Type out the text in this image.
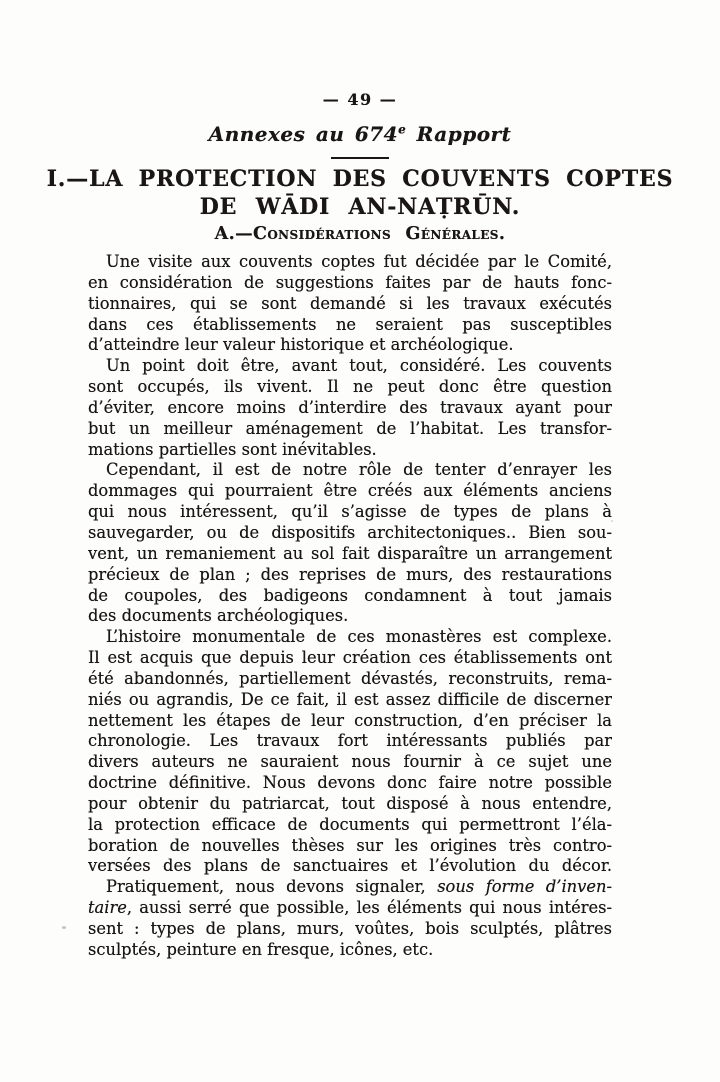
— 49 —
Annexes au 674e Rapport
I.—LA PROTECTION DES COUVENTS COPTES
DE WĀDI AN-NAṬRŪN.
A.—Considérations Générales.
Une visite aux couvents coptes fut décidée par le Comité,
en considération de suggestions faites par de hauts fonc-
tionnaires, qui se sont demandé si les travaux exécutés
dans ces établissements ne seraient pas susceptibles
d’atteindre leur valeur historique et archéologique.
Un point doit être, avant tout, considéré. Les couvents
sont occupés, ils vivent. Il ne peut donc être question
d’éviter, encore moins d’interdire des travaux ayant pour
but un meilleur aménagement de l’habitat. Les transfor-
mations partielles sont inévitables.
Cependant, il est de notre rôle de tenter d’enrayer les
dommages qui pourraient être créés aux éléments anciens
qui nous intéressent, qu’il s’agisse de types de plans à
sauvegarder, ou de dispositifs architectoniques.. Bien sou-
vent, un remaniement au sol fait disparaître un arrangement
précieux de plan ; des reprises de murs, des restaurations
de coupoles, des badigeons condamnent à tout jamais
des documents archéologiques.
L’histoire monumentale de ces monastères est complexe.
Il est acquis que depuis leur création ces établissements ont
été abandonnés, partiellement dévastés, reconstruits, rema-
niés ou agrandis, De ce fait, il est assez difficile de discerner
nettement les étapes de leur construction, d’en préciser la
chronologie. Les travaux fort intéressants publiés par
divers auteurs ne sauraient nous fournir à ce sujet une
doctrine définitive. Nous devons donc faire notre possible
pour obtenir du patriarcat, tout disposé à nous entendre,
la protection efficace de documents qui permettront l’éla-
boration de nouvelles thèses sur les origines très contro-
versées des plans de sanctuaires et l’évolution du décor.
Pratiquement, nous devons signaler, sous forme d’inven-
taire, aussi serré que possible, les éléments qui nous intéres-
sent : types de plans, murs, voûtes, bois sculptés, plâtres
sculptés, peinture en fresque, icônes, etc.
